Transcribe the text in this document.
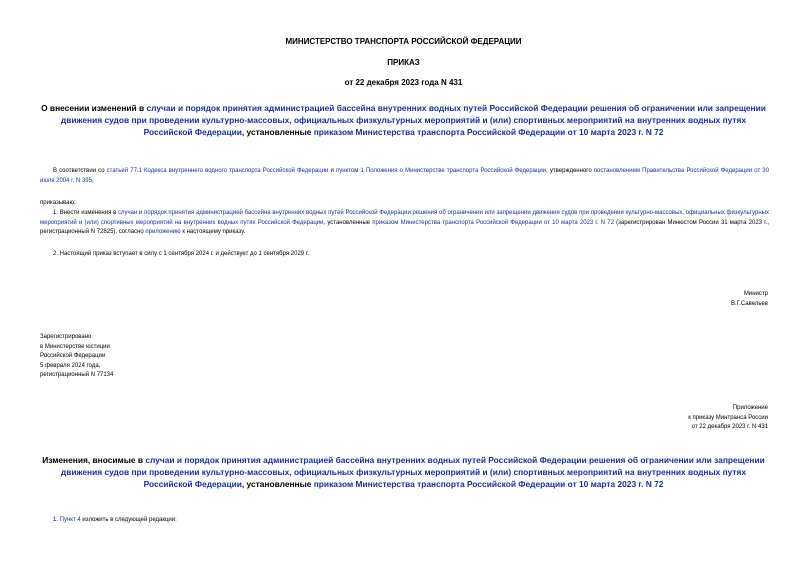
МИНИСТЕРСТВО ТРАНСПОРТА РОССИЙСКОЙ ФЕДЕРАЦИИ
ПРИКАЗ
от 22 декабря 2023 года N 431
О внесении изменений в случаи и порядок принятия администрацией бассейна внутренних водных путей Российской Федерации решения об ограничении или запрещении движения судов при проведении культурно-массовых, официальных физкультурных мероприятий и (или) спортивных мероприятий на внутренних водных путях Российской Федерации, установленные приказом Министерства транспорта Российской Федерации от 10 марта 2023 г. N 72
В соответствии со статьей 77.1 Кодекса внутреннего водного транспорта Российской Федерации и пунктом 1 Положения о Министерстве транспорта Российской Федерации, утвержденного постановлением Правительства Российской Федерации от 30 июля 2004 г. N 395,
приказываю:
1. Внести изменения в случаи и порядок принятия администрацией бассейна внутренних водных путей Российской Федерации решения об ограничении или запрещении движения судов при проведении культурно-массовых, официальных физкультурных мероприятий и (или) спортивных мероприятий на внутренних водных путях Российской Федерации, установленные приказом Министерства транспорта Российской Федерации от 10 марта 2023 г. N 72 (зарегистрирован Минюстом России 31 марта 2023 г., регистрационный N 72825), согласно приложению к настоящему приказу.
2. Настоящий приказ вступает в силу с 1 сентября 2024 г. и действует до 1 сентября 2029 г.
Министр
В.Г.Савельев
Зарегистрировано
в Министерстве юстиции
Российской Федерации
5 февраля 2024 года,
регистрационный N 77134
Приложение
к приказу Минтранса России
от 22 декабря 2023 г. N 431
Изменения, вносимые в случаи и порядок принятия администрацией бассейна внутренних водных путей Российской Федерации решения об ограничении или запрещении движения судов при проведении культурно-массовых, официальных физкультурных мероприятий и (или) спортивных мероприятий на внутренних водных путях Российской Федерации, установленные приказом Министерства транспорта Российской Федерации от 10 марта 2023 г. N 72
1. Пункт 4 изложить в следующей редакции:
